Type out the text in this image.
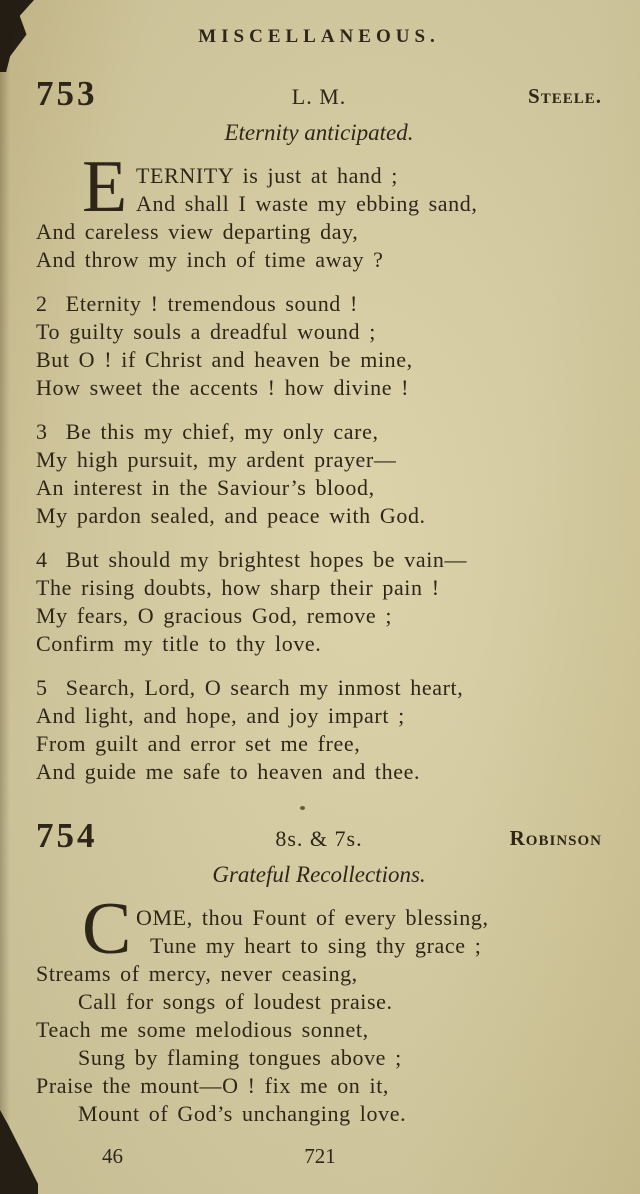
MISCELLANEOUS.
753	L. M.	Steele.
Eternity anticipated.
E TERNITY is just at hand ;
And shall I waste my ebbing sand,
And careless view departing day,
And throw my inch of time away ?
2  Eternity ! tremendous sound !
To guilty souls a dreadful wound ;
But O ! if Christ and heaven be mine,
How sweet the accents ! how divine !
3  Be this my chief, my only care,
My high pursuit, my ardent prayer—
An interest in the Saviour’s blood,
My pardon sealed, and peace with God.
4  But should my brightest hopes be vain—
The rising doubts, how sharp their pain !
My fears, O gracious God, remove ;
Confirm my title to thy love.
5  Search, Lord, O search my inmost heart,
And light, and hope, and joy impart ;
From guilt and error set me free,
And guide me safe to heaven and thee.
754	8s. & 7s.	Robinson
Grateful Recollections.
C OME, thou Fount of every blessing,
Tune my heart to sing thy grace ;
Streams of mercy, never ceasing,
Call for songs of loudest praise.
Teach me some melodious sonnet,
Sung by flaming tongues above ;
Praise the mount—O ! fix me on it,
Mount of God’s unchanging love.
46	721
